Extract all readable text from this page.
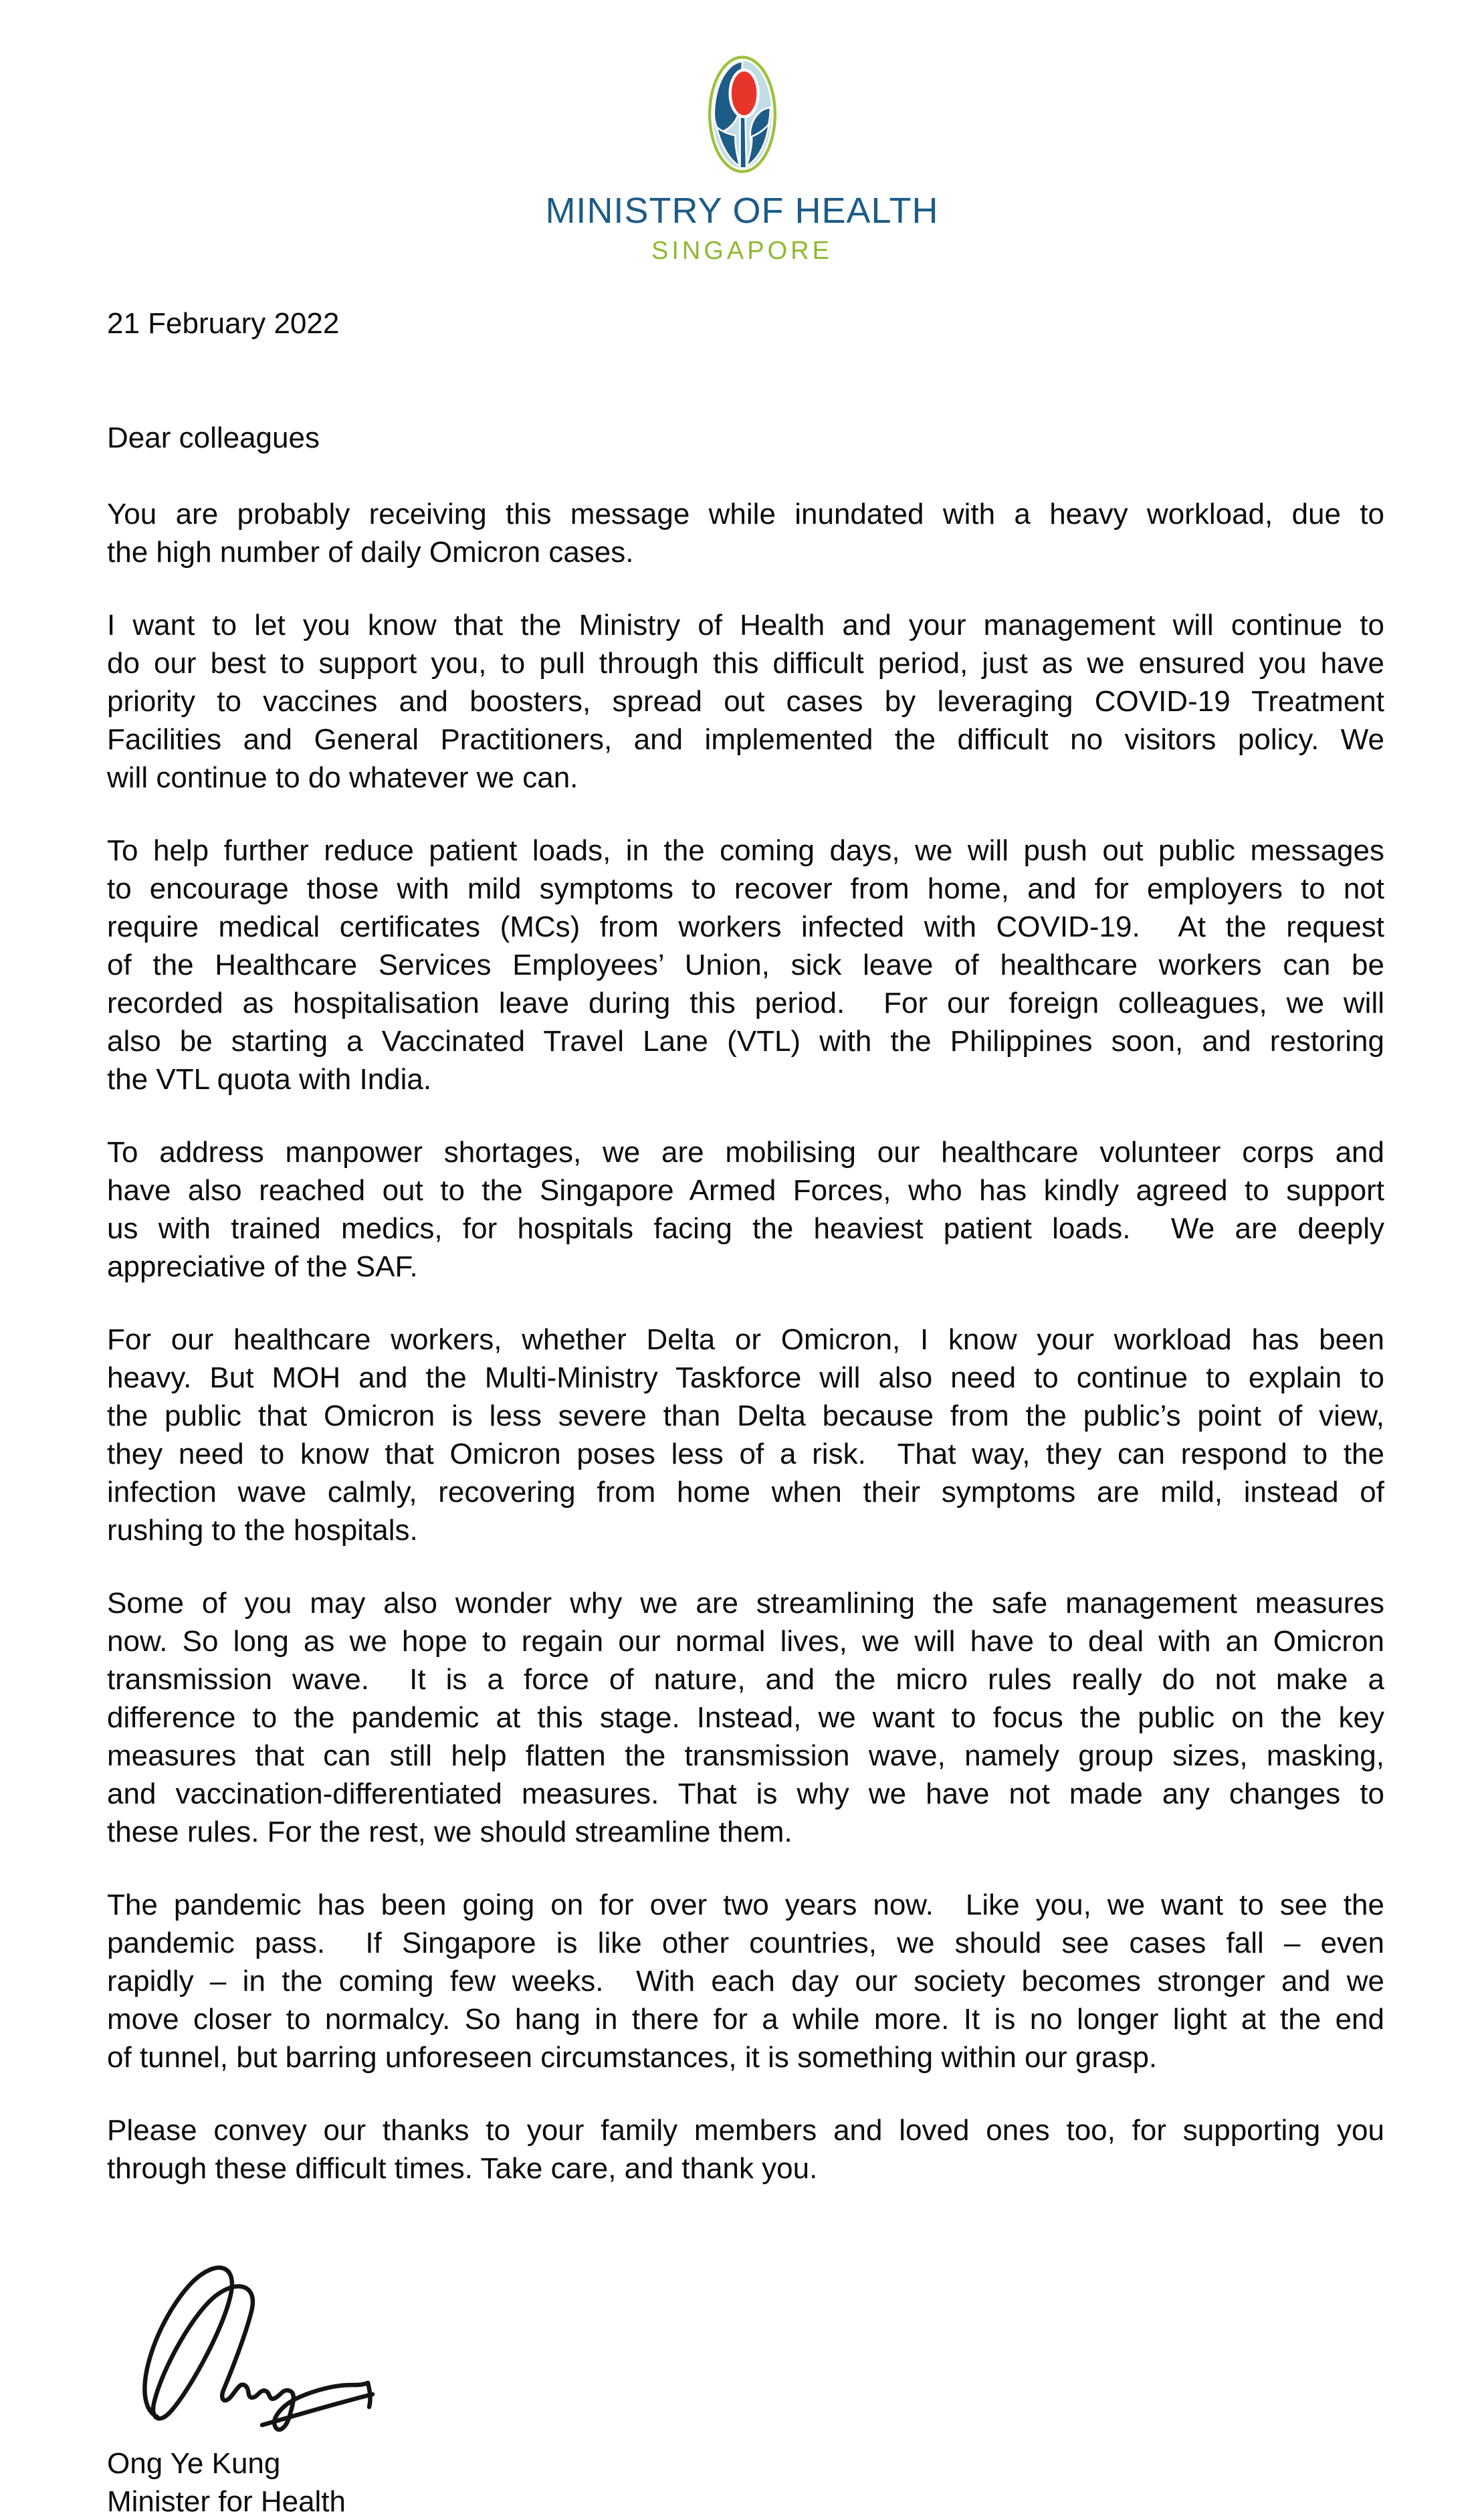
MINISTRY OF HEALTH
SINGAPORE
21 February 2022
Dear colleagues
You are probably receiving this message while inundated with a heavy workload, due to
the high number of daily Omicron cases.
I want to let you know that the Ministry of Health and your management will continue to
do our best to support you, to pull through this difficult period, just as we ensured you have
priority to vaccines and boosters, spread out cases by leveraging COVID-19 Treatment
Facilities and General Practitioners, and implemented the difficult no visitors policy. We
will continue to do whatever we can.
To help further reduce patient loads, in the coming days, we will push out public messages
to encourage those with mild symptoms to recover from home, and for employers to not
require medical certificates (MCs) from workers infected with COVID-19.  At the request
of the Healthcare Services Employees’ Union, sick leave of healthcare workers can be
recorded as hospitalisation leave during this period.  For our foreign colleagues, we will
also be starting a Vaccinated Travel Lane (VTL) with the Philippines soon, and restoring
the VTL quota with India.
To address manpower shortages, we are mobilising our healthcare volunteer corps and
have also reached out to the Singapore Armed Forces, who has kindly agreed to support
us with trained medics, for hospitals facing the heaviest patient loads.  We are deeply
appreciative of the SAF.
For our healthcare workers, whether Delta or Omicron, I know your workload has been
heavy. But MOH and the Multi-Ministry Taskforce will also need to continue to explain to
the public that Omicron is less severe than Delta because from the public’s point of view,
they need to know that Omicron poses less of a risk.  That way, they can respond to the
infection wave calmly, recovering from home when their symptoms are mild, instead of
rushing to the hospitals.
Some of you may also wonder why we are streamlining the safe management measures
now. So long as we hope to regain our normal lives, we will have to deal with an Omicron
transmission wave.  It is a force of nature, and the micro rules really do not make a
difference to the pandemic at this stage. Instead, we want to focus the public on the key
measures that can still help flatten the transmission wave, namely group sizes, masking,
and vaccination-differentiated measures. That is why we have not made any changes to
these rules. For the rest, we should streamline them.
The pandemic has been going on for over two years now.  Like you, we want to see the
pandemic pass.  If Singapore is like other countries, we should see cases fall – even
rapidly – in the coming few weeks.  With each day our society becomes stronger and we
move closer to normalcy. So hang in there for a while more. It is no longer light at the end
of tunnel, but barring unforeseen circumstances, it is something within our grasp.
Please convey our thanks to your family members and loved ones too, for supporting you
through these difficult times. Take care, and thank you.
Ong Ye Kung
Minister for Health
